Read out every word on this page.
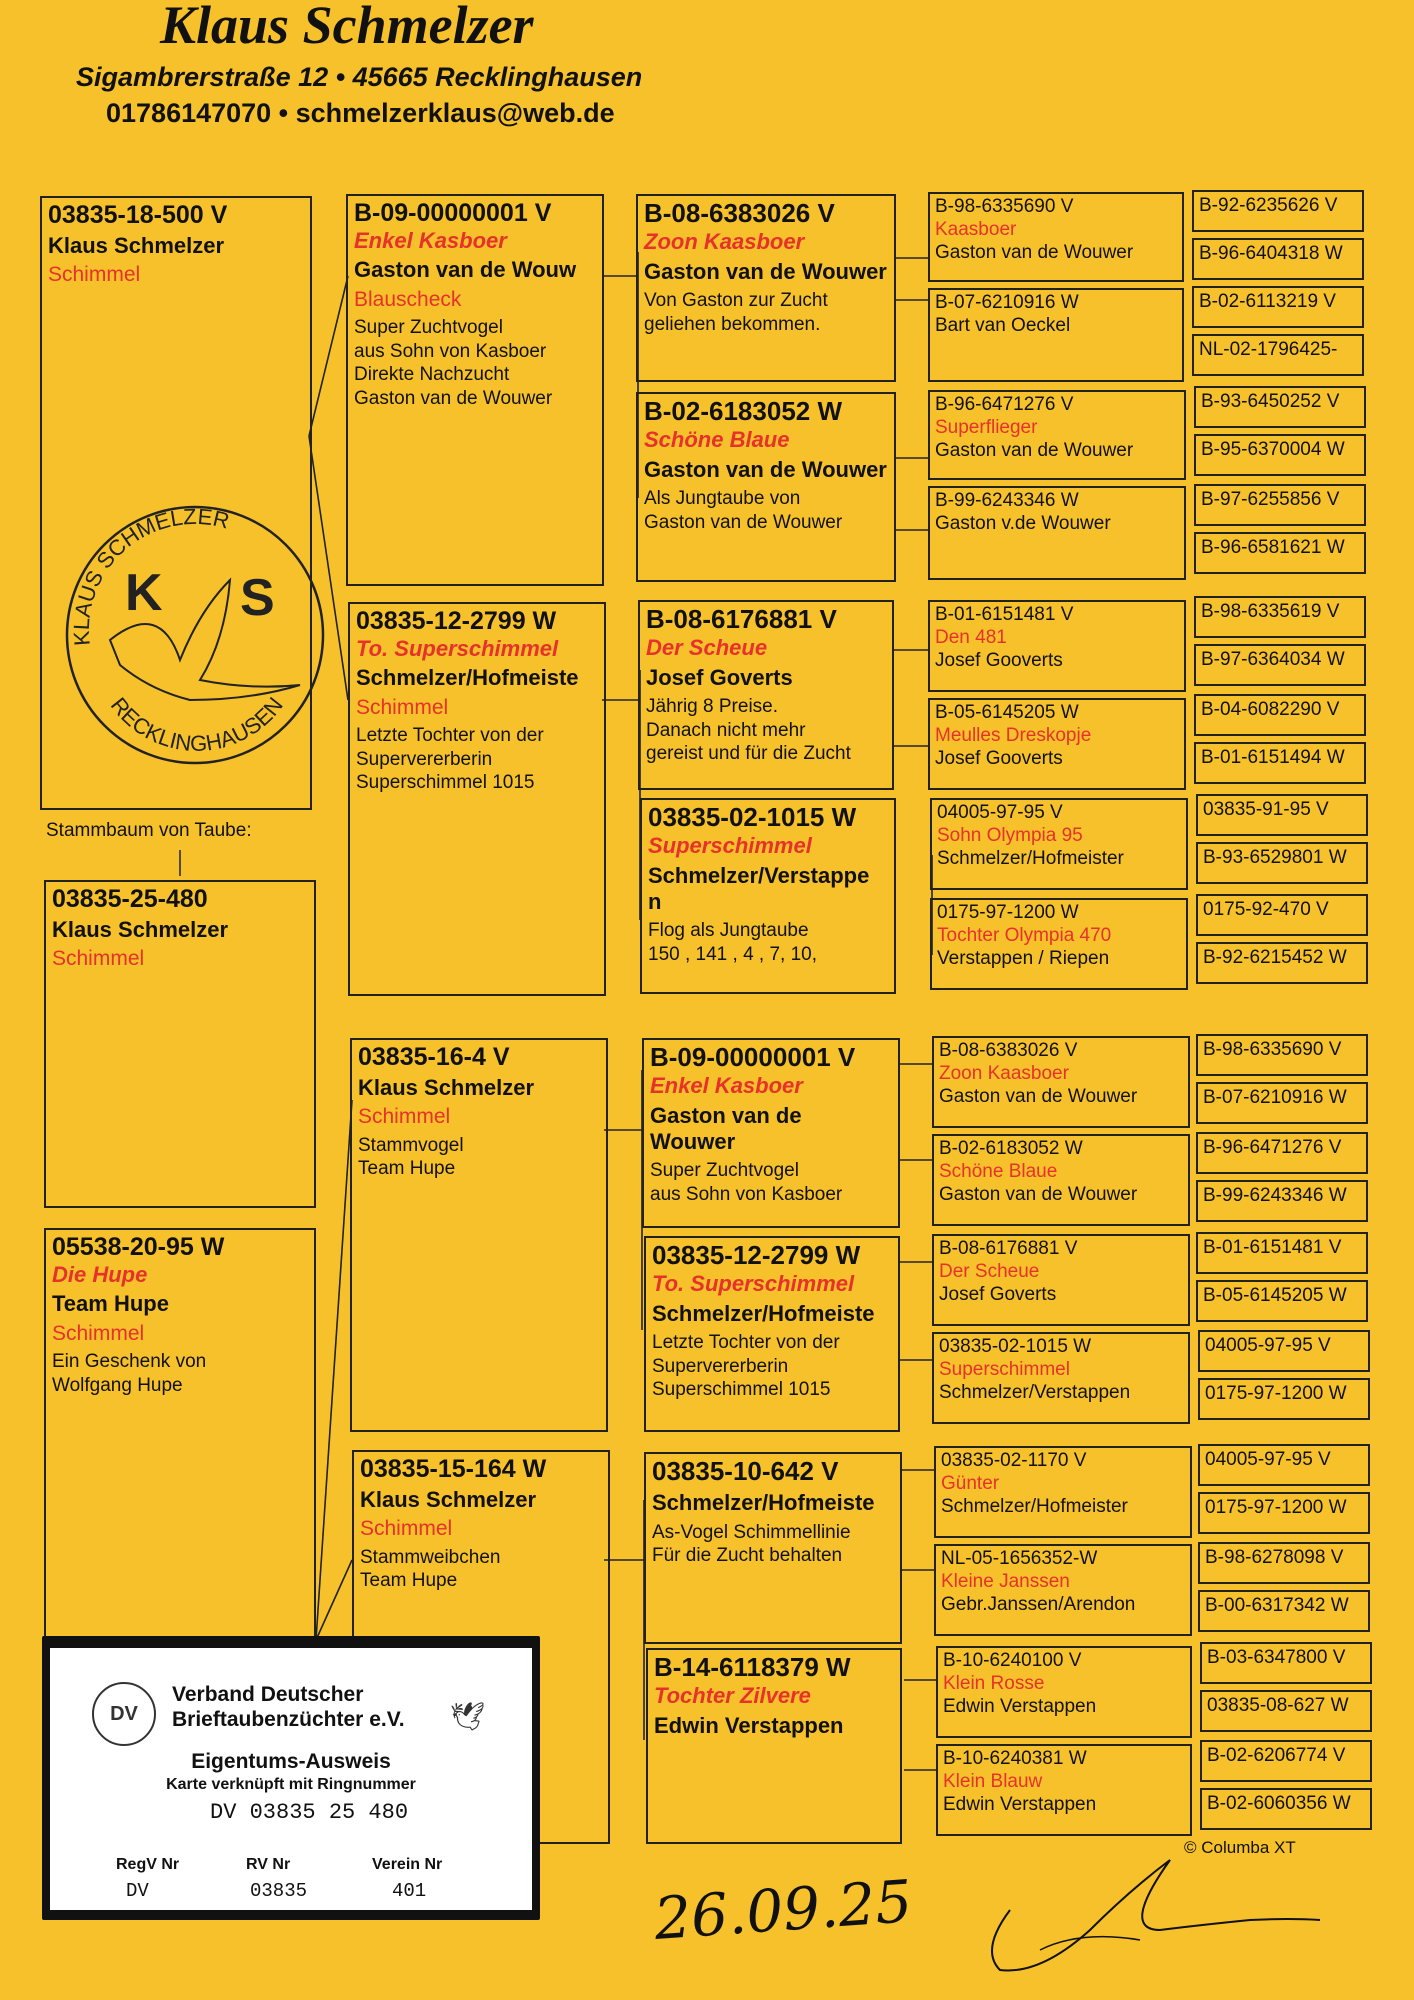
Klaus Schmelzer
Sigambrerstraße 12 • 45665 Recklinghausen
01786147070 • schmelzerklaus@web.de
03835-18-500 V
Klaus Schmelzer
Schimmel
KLAUS SCHMELZER
RECKLINGHAUSEN
K S
Stammbaum von Taube:
03835-25-480
Klaus Schmelzer
Schimmel
05538-20-95 W
Die Hupe
Team Hupe
Schimmel
Ein Geschenk von
Wolfgang Hupe
B-09-00000001 V
Enkel Kasboer
Gaston van de Wouw
Blauscheck
Super Zuchtvogel
aus Sohn von Kasboer
Direkte Nachzucht
Gaston van de Wouwer
03835-12-2799 W
To. Superschimmel
Schmelzer/Hofmeiste
Schimmel
Letzte Tochter von der
Supervererberin
Superschimmel 1015
03835-16-4 V
Klaus Schmelzer
Schimmel
Stammvogel
Team Hupe
03835-15-164 W
Klaus Schmelzer
Schimmel
Stammweibchen
Team Hupe
B-08-6383026 V
Zoon Kaasboer
Gaston van de Wouwer
Von Gaston zur Zucht
geliehen bekommen.
B-02-6183052 W
Schöne Blaue
Gaston van de Wouwer
Als Jungtaube von
Gaston van de Wouwer
B-08-6176881 V
Der Scheue
Josef Goverts
Jährig 8 Preise.
Danach nicht mehr
gereist und für die Zucht
03835-02-1015 W
Superschimmel
Schmelzer/Verstappe
n
Flog als Jungtaube
150 , 141 , 4 , 7, 10,
B-09-00000001 V
Enkel Kasboer
Gaston van de Wouwer
Super Zuchtvogel
aus Sohn von Kasboer
03835-12-2799 W
To. Superschimmel
Schmelzer/Hofmeiste
Letzte Tochter von der
Supervererberin
Superschimmel 1015
03835-10-642 V
Schmelzer/Hofmeiste
As-Vogel Schimmellinie
Für die Zucht behalten
B-14-6118379 W
Tochter Zilvere
Edwin Verstappen
B-98-6335690 V
Kaasboer
Gaston van de Wouwer
B-07-6210916 W
Bart van Oeckel
B-96-6471276 V
Superflieger
Gaston van de Wouwer
B-99-6243346 W
Gaston v.de Wouwer
B-01-6151481 V
Den 481
Josef Gooverts
B-05-6145205 W
Meulles Dreskopje
Josef Gooverts
04005-97-95 V
Sohn Olympia 95
Schmelzer/Hofmeister
0175-97-1200 W
Tochter Olympia 470
Verstappen / Riepen
B-08-6383026 V
Zoon Kaasboer
Gaston van de Wouwer
B-02-6183052 W
Schöne Blaue
Gaston van de Wouwer
B-08-6176881 V
Der Scheue
Josef Goverts
03835-02-1015 W
Superschimmel
Schmelzer/Verstappen
03835-02-1170 V
Günter
Schmelzer/Hofmeister
NL-05-1656352-W
Kleine Janssen
Gebr.Janssen/Arendon
B-10-6240100 V
Klein Rosse
Edwin Verstappen
B-10-6240381 W
Klein Blauw
Edwin Verstappen
B-92-6235626 V
B-96-6404318 W
B-02-6113219 V
NL-02-1796425-
B-93-6450252 V
B-95-6370004 W
B-97-6255856 V
B-96-6581621 W
B-98-6335619 V
B-97-6364034 W
B-04-6082290 V
B-01-6151494 W
03835-91-95 V
B-93-6529801 W
0175-92-470 V
B-92-6215452 W
B-98-6335690 V
B-07-6210916 W
B-96-6471276 V
B-99-6243346 W
B-01-6151481 V
B-05-6145205 W
04005-97-95 V
0175-97-1200 W
04005-97-95 V
0175-97-1200 W
B-98-6278098 V
B-00-6317342 W
B-03-6347800 V
03835-08-627 W
B-02-6206774 V
B-02-6060356 W
© Columba XT
DV
Verband Deutscher
Brieftaubenzüchter e.V. 🕊
Eigentums-Ausweis
Karte verknüpft mit Ringnummer
DV 03835 25 480
RegV Nr	RV Nr	Verein Nr
DV	03835	401	26.09.25
